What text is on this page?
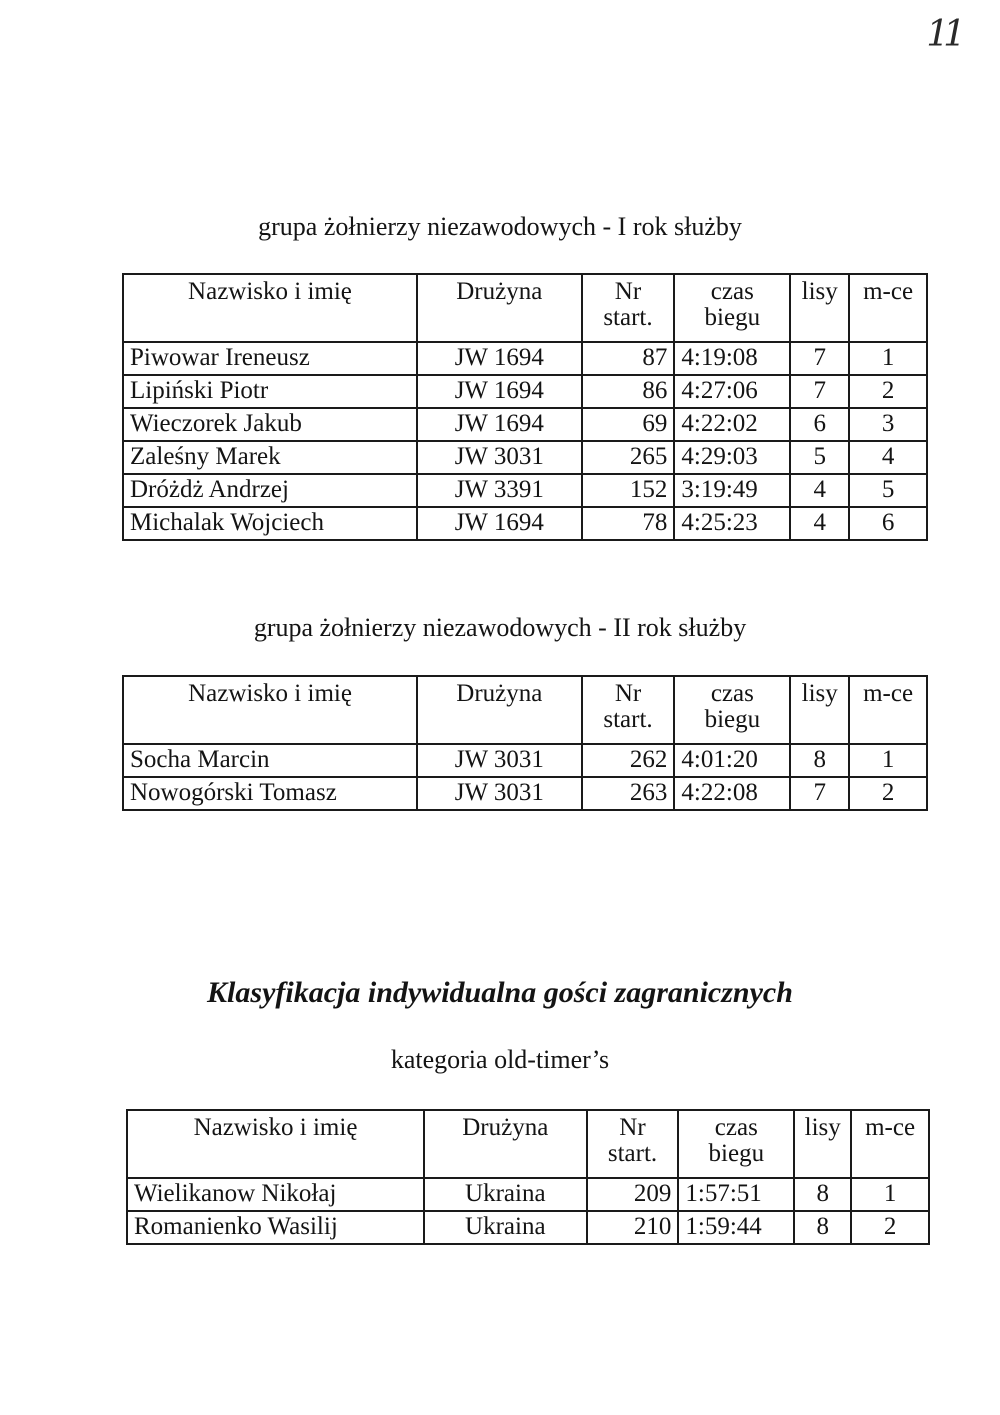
11
grupa żołnierzy niezawodowych - I rok służby
Nazwisko i imię	Drużyna	Nr start.	czas biegu	lisy	m-ce
Piwowar Ireneusz	JW 1694	87	4:19:08	7	1
Lipiński Piotr	JW 1694	86	4:27:06	7	2
Wieczorek Jakub	JW 1694	69	4:22:02	6	3
Zaleśny Marek	JW 3031	265	4:29:03	5	4
Dróżdż Andrzej	JW 3391	152	3:19:49	4	5
Michalak Wojciech	JW 1694	78	4:25:23	4	6
grupa żołnierzy niezawodowych - II rok służby
Nazwisko i imię	Drużyna	Nr start.	czas biegu	lisy	m-ce
Socha Marcin	JW 3031	262	4:01:20	8	1
Nowogórski Tomasz	JW 3031	263	4:22:08	7	2
Klasyfikacja indywidualna gości zagranicznych
kategoria old-timer’s
Nazwisko i imię	Drużyna	Nr start.	czas biegu	lisy	m-ce
Wielikanow Nikołaj	Ukraina	209	1:57:51	8	1
Romanienko Wasilij	Ukraina	210	1:59:44	8	2
